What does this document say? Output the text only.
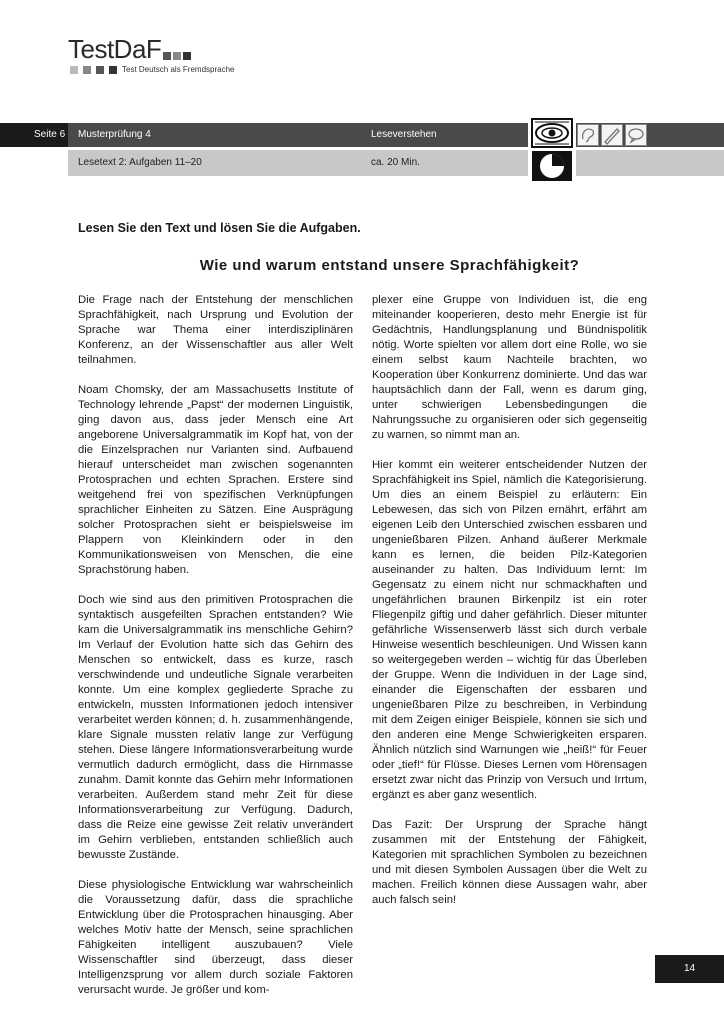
TestDaF
Test Deutsch als Fremdsprache
Seite 6 Musterprüfung 4	Leseverstehen
Lesetext 2: Aufgaben 11–20	ca. 20 Min.
Lesen Sie den Text und lösen Sie die Aufgaben.
Wie und warum entstand unsere Sprachfähigkeit?

Die Frage nach der Entstehung der menschlichen Sprachfähigkeit, nach Ursprung und Evolution der Sprache war Thema einer interdisziplinären Konferenz, an der Wissenschaftler aus aller Welt teilnahmen.

Noam Chomsky, der am Massachusetts Institute of Technology lehrende „Papst“ der modernen Linguistik, ging davon aus, dass jeder Mensch eine Art angeborene Universalgrammatik im Kopf hat, von der die Einzelsprachen nur Varianten sind. Aufbauend hierauf unterscheidet man zwischen sogenannten Protosprachen und echten Sprachen. Erstere sind weitgehend frei von spezifischen Verknüpfungen sprachlicher Einheiten zu Sätzen. Eine Ausprägung solcher Protosprachen sieht er beispielsweise im Plappern von Kleinkindern oder in den Kommunikationsweisen von Menschen, die eine Sprachstörung haben.

Doch wie sind aus den primitiven Protosprachen die syntaktisch ausgefeilten Sprachen entstanden? Wie kam die Universalgrammatik ins menschliche Gehirn? Im Verlauf der Evolution hatte sich das Gehirn des Menschen so entwickelt, dass es kurze, rasch verschwindende und undeutliche Signale verarbeiten konnte. Um eine komplex gegliederte Sprache zu entwickeln, mussten Informationen jedoch intensiver verarbeitet werden können; d. h. zusammenhängende, klare Signale mussten relativ lange zur Verfügung stehen. Diese längere Informationsverarbeitung wurde vermutlich dadurch ermöglicht, dass die Hirnmasse zunahm. Damit konnte das Gehirn mehr Informationen verarbeiten. Außerdem stand mehr Zeit für diese Informationsverarbeitung zur Verfügung. Dadurch, dass die Reize eine gewisse Zeit relativ unverändert im Gehirn verblieben, entstanden schließlich auch bewusste Zustände.

Diese physiologische Entwicklung war wahrscheinlich die Voraussetzung dafür, dass die sprachliche Entwicklung über die Protosprachen hinausging. Aber welches Motiv hatte der Mensch, seine sprachlichen Fähigkeiten intelligent auszubauen? Viele Wissenschaftler sind überzeugt, dass dieser Intelligenzsprung vor allem durch soziale Faktoren verursacht wurde. Je größer und kom-

plexer eine Gruppe von Individuen ist, die eng miteinander kooperieren, desto mehr Energie ist für Gedächtnis, Handlungsplanung und Bündnispolitik nötig. Worte spielten vor allem dort eine Rolle, wo sie einem selbst kaum Nachteile brachten, wo Kooperation über Konkurrenz dominierte. Und das war hauptsächlich dann der Fall, wenn es darum ging, unter schwierigen Lebensbedingungen die Nahrungssuche zu organisieren oder sich gegenseitig zu warnen, so nimmt man an.

Hier kommt ein weiterer entscheidender Nutzen der Sprachfähigkeit ins Spiel, nämlich die Kategorisierung. Um dies an einem Beispiel zu erläutern: Ein Lebewesen, das sich von Pilzen ernährt, erfährt am eigenen Leib den Unterschied zwischen essbaren und ungenießbaren Pilzen. Anhand äußerer Merkmale kann es lernen, die beiden Pilz-Kategorien auseinander zu halten. Das Individuum lernt: Im Gegensatz zu einem nicht nur schmackhaften und ungefährlichen braunen Birkenpilz ist ein roter Fliegenpilz giftig und daher gefährlich. Dieser mitunter gefährliche Wissenserwerb lässt sich durch verbale Hinweise wesentlich beschleunigen. Und Wissen kann so weitergegeben werden – wichtig für das Überleben der Gruppe. Wenn die Individuen in der Lage sind, einander die Eigenschaften der essbaren und ungenießbaren Pilze zu beschreiben, in Verbindung mit dem Zeigen einiger Beispiele, können sie sich und den anderen eine Menge Schwierigkeiten ersparen. Ähnlich nützlich sind Warnungen wie „heiß!“ für Feuer oder „tief!“ für Flüsse. Dieses Lernen vom Hörensagen ersetzt zwar nicht das Prinzip von Versuch und Irrtum, ergänzt es aber ganz wesentlich.

Das Fazit: Der Ursprung der Sprache hängt zusammen mit der Entstehung der Fähigkeit, Kategorien mit sprachlichen Symbolen zu bezeichnen und mit diesen Symbolen Aussagen über die Welt zu machen. Freilich können diese Aussagen wahr, aber auch falsch sein!

14
